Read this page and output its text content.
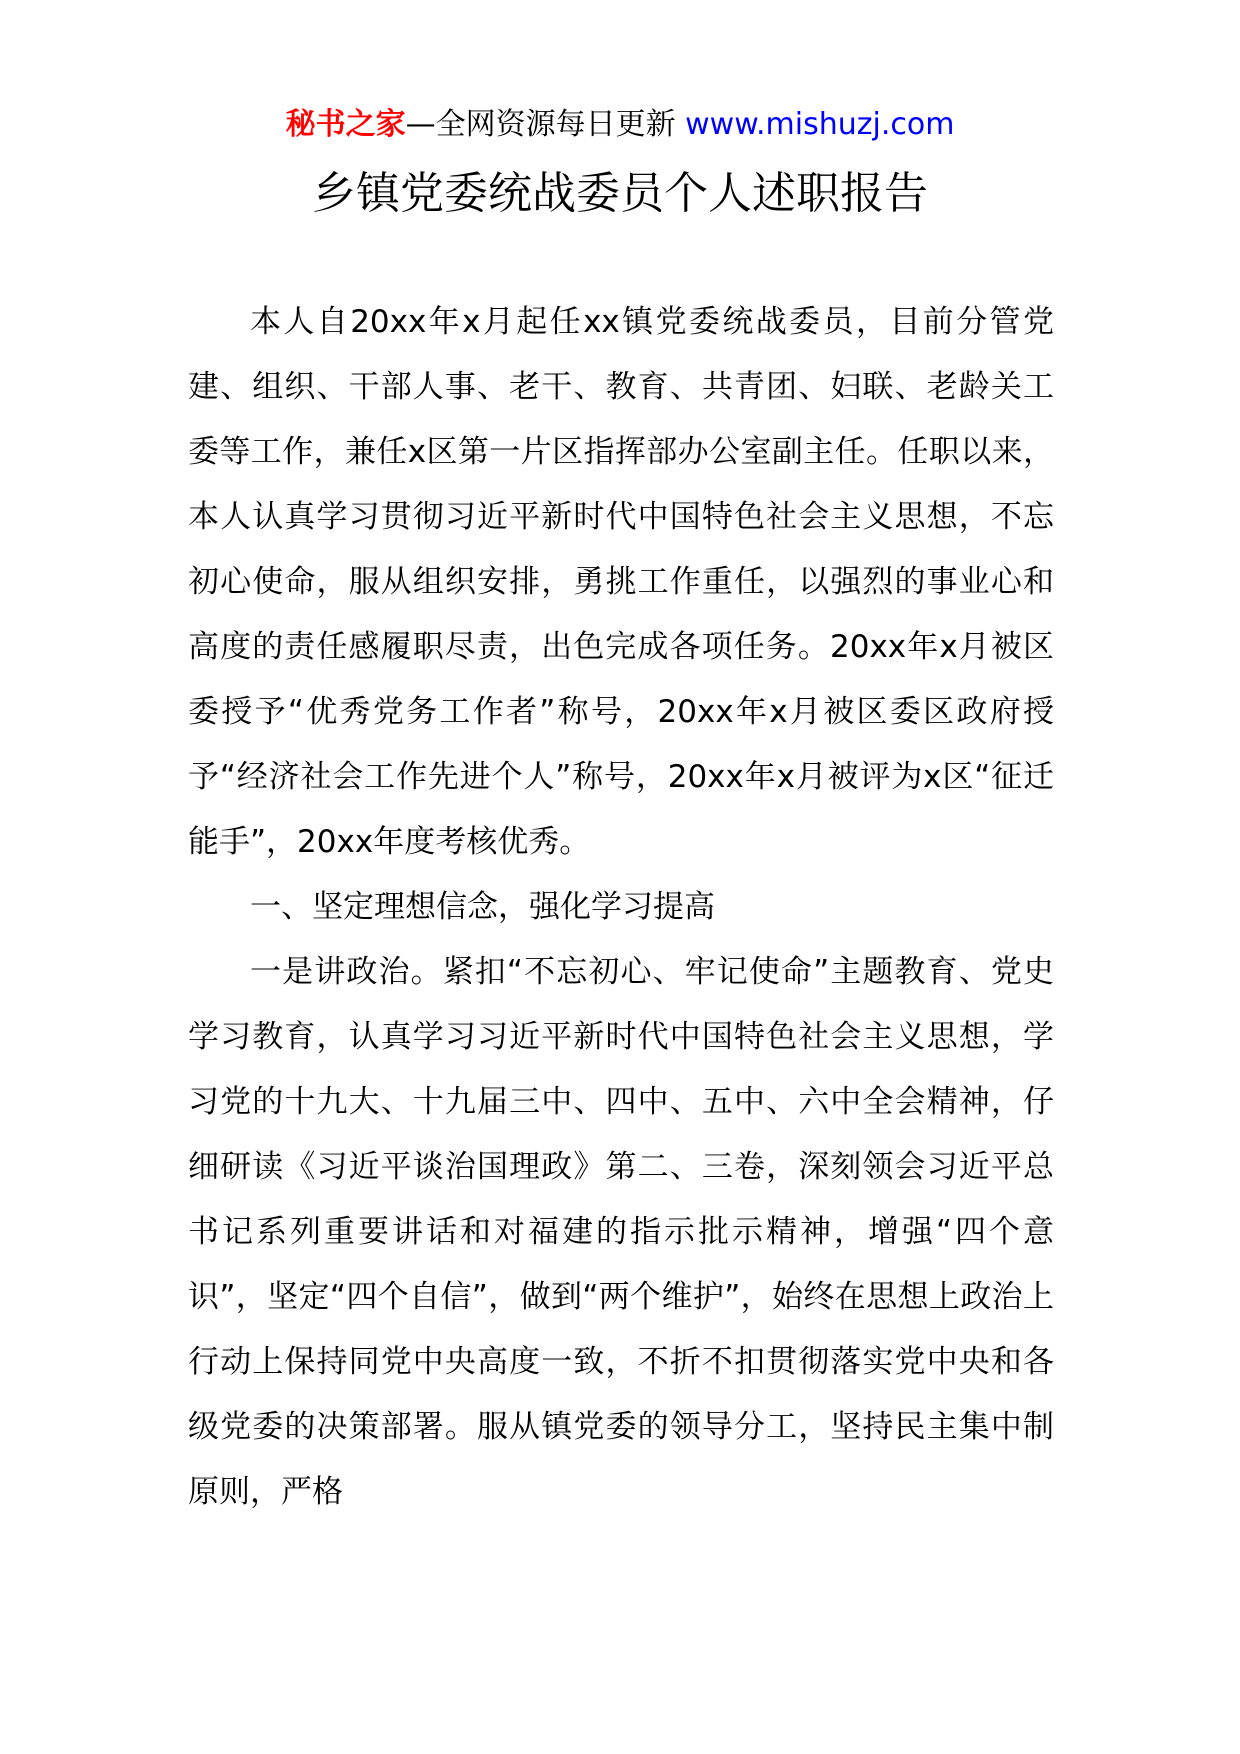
秘书之家—全网资源每日更新 www.mishuzj.com
乡镇党委统战委员个人述职报告

本人自20xx年x月起任xx镇党委统战委员，目前分管党建、组织、干部人事、老干、教育、共青团、妇联、老龄关工委等工作，兼任x区第一片区指挥部办公室副主任。任职以来，本人认真学习贯彻习近平新时代中国特色社会主义思想，不忘初心使命，服从组织安排，勇挑工作重任，以强烈的事业心和高度的责任感履职尽责，出色完成各项任务。20xx年x月被区委授予“优秀党务工作者”称号，20xx年x月被区委区政府授予“经济社会工作先进个人”称号，20xx年x月被评为x区“征迁能手”，20xx年度考核优秀。

一、坚定理想信念，强化学习提高

一是讲政治。紧扣“不忘初心、牢记使命”主题教育、党史学习教育，认真学习习近平新时代中国特色社会主义思想，学习党的十九大、十九届三中、四中、五中、六中全会精神，仔细研读《习近平谈治国理政》第二、三卷，深刻领会习近平总书记系列重要讲话和对福建的指示批示精神，增强“四个意识”，坚定“四个自信”，做到“两个维护”，始终在思想上政治上行动上保持同党中央高度一致，不折不扣贯彻落实党中央和各级党委的决策部署。服从镇党委的领导分工，坚持民主集中制原则，严格
